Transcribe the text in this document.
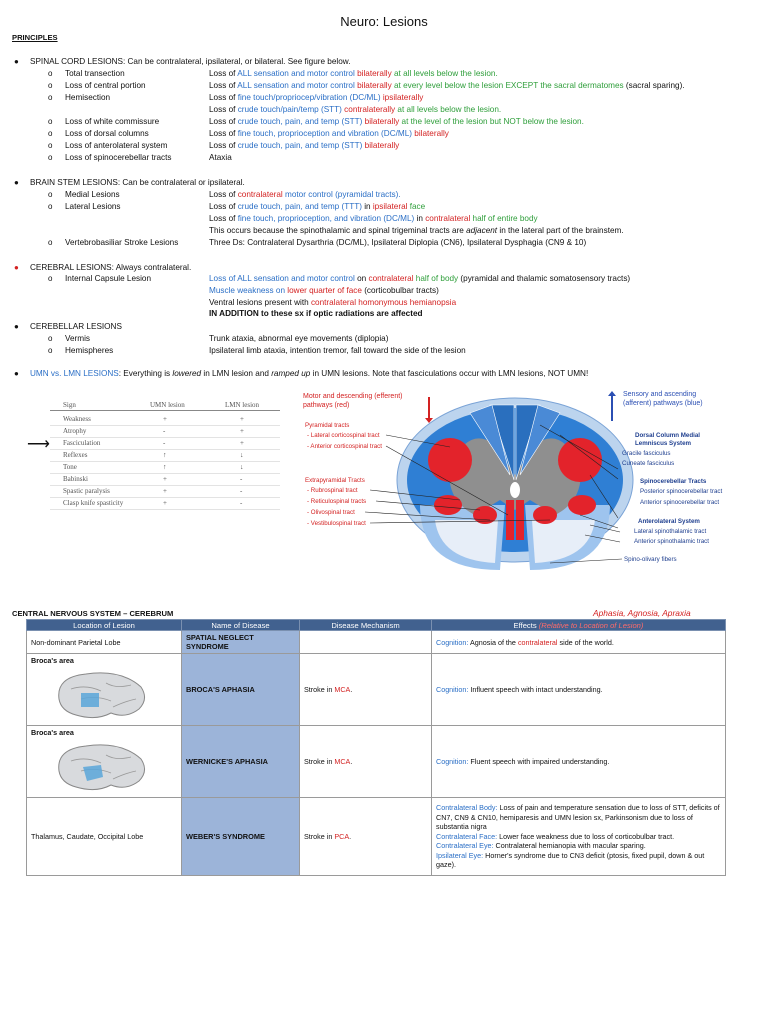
Neuro: Lesions
PRINCIPLES
● SPINAL CORD LESIONS: Can be contralateral, ipsilateral, or bilateral. See figure below.
o Total transection	Loss of ALL sensation and motor control bilaterally at all levels below the lesion.
o Loss of central portion	Loss of ALL sensation and motor control bilaterally at every level below the lesion EXCEPT the sacral dermatomes (sacral sparing).
o Hemisection	Loss of fine touch/propriocep/vibration (DC/ML) ipsilaterally
Loss of crude touch/pain/temp (STT) contralaterally at all levels below the lesion.
o Loss of white commissure	Loss of crude touch, pain, and temp (STT) bilaterally at the level of the lesion but NOT below the lesion.
o Loss of dorsal columns	Loss of fine touch, proprioception and vibration (DC/ML) bilaterally
o Loss of anterolateral system	Loss of crude touch, pain, and temp (STT) bilaterally
o Loss of spinocerebellar tracts	Ataxia
● BRAIN STEM LESIONS: Can be contralateral or ipsilateral.
o Medial Lesions	Loss of contralateral motor control (pyramidal tracts).
o Lateral Lesions	Loss of crude touch, pain, and temp (TTT) in ipsilateral face
Loss of fine touch, proprioception, and vibration (DC/ML) in contralateral half of entire body
This occurs because the spinothalamic and spinal trigeminal tracts are adjacent in the lateral part of the brainstem.
o Vertebrobasiliar Stroke Lesions	Three Ds: Contralateral Dysarthria (DC/ML), Ipsilateral Diplopia (CN6), Ipsilateral Dysphagia (CN9 & 10)
● CEREBRAL LESIONS: Always contralateral.
o Internal Capsule Lesion	Loss of ALL sensation and motor control on contralateral half of body (pyramidal and thalamic somatosensory tracts)
Muscle weakness on lower quarter of face (corticobulbar tracts)
Ventral lesions present with contralateral homonymous hemianopsia
IN ADDITION to these sx if optic radiations are affected
● CEREBELLAR LESIONS
o Vermis	Trunk ataxia, abnormal eye movements (diplopia)
o Hemispheres	Ipsilateral limb ataxia, intention tremor, fall toward the side of the lesion
● UMN vs. LMN LESIONS: Everything is lowered in LMN lesion and ramped up in UMN lesions. Note that fasciculations occur with LMN lesions, NOT UMN!
⟶
Sign	UMN lesion	LMN lesion
Weakness	+	+
Atrophy	-	+
Fasciculation	-	+
Reflexes	↑	↓
Tone	↑	↓
Babinski	+	-
Spastic paralysis	+	-
Clasp knife spasticity	+	-
Motor and descending (efferent) pathways (red)
Sensory and ascending (afferent) pathways (blue)
Pyramidal tracts
- Lateral corticospinal tract
- Anterior corticospinal tract
Extrapyramidal Tracts
- Rubrospinal tract
- Reticulospinal tracts
- Olivospinal tract
- Vestibulospinal tract
Dorsal Column Medial Lemniscus System
Gracile fasciculus
Cuneate fasciculus
Spinocerebellar Tracts
Posterior spinocerebellar tract
Anterior spinocerebellar tract
Anterolateral System
Lateral spinothalamic tract
Anterior spinothalamic tract
Spino-olivary fibers
CENTRAL NERVOUS SYSTEM – CEREBRUM	Aphasia, Agnosia, Apraxia
Location of Lesion	Name of Disease	Disease Mechanism	Effects (Relative to Location of Lesion)
Non-dominant Parietal Lobe	SPATIAL NEGLECT SYNDROME		Cognition: Agnosia of the contralateral side of the world.
Broca's area	BROCA'S APHASIA	Stroke in MCA.	Cognition: Influent speech with intact understanding.
Broca's area	WERNICKE'S APHASIA	Stroke in MCA.	Cognition: Fluent speech with impaired understanding.
Thalamus, Caudate, Occipital Lobe	WEBER'S SYNDROME	Stroke in PCA.	Contralateral Body: Loss of pain and temperature sensation due to loss of STT, deficits of CN7, CN9 & CN10, hemiparesis and UMN lesion sx, Parkinsonism due to loss of substantia nigra
Contralateral Face: Lower face weakness due to loss of corticobulbar tract.
Contralateral Eye: Contralateral hemianopia with macular sparing.
Ipsilateral Eye: Horner's syndrome due to CN3 deficit (ptosis, fixed pupil, down & out gaze).
